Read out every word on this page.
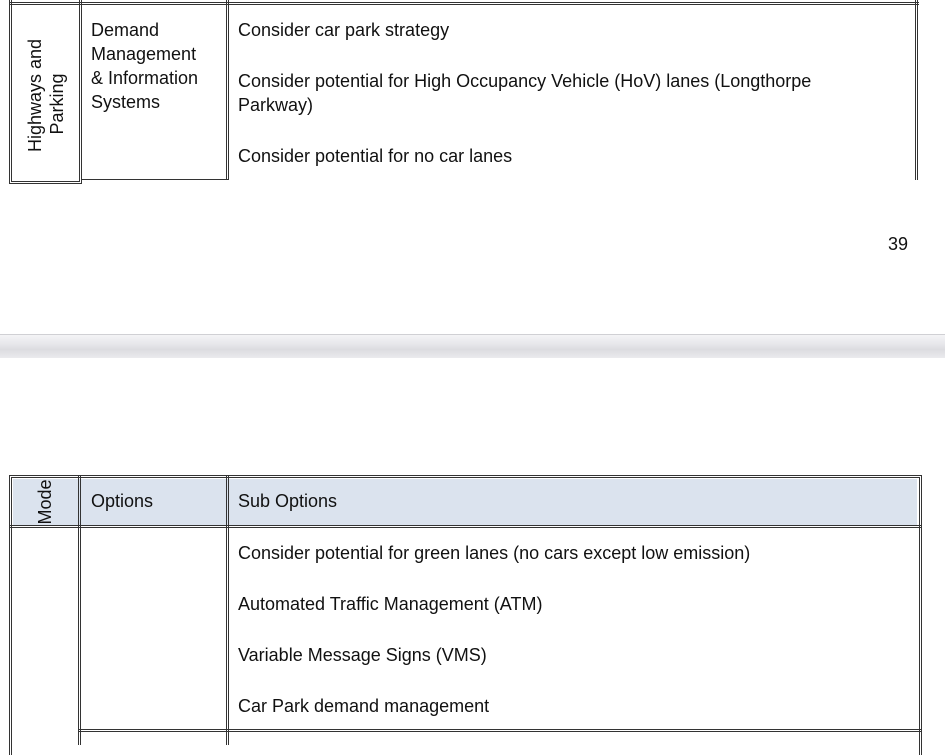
Highways and Parking
Demand
Management
& Information
Systems
Consider car park strategy
Consider potential for High Occupancy Vehicle (HoV) lanes (Longthorpe
Parkway)
Consider potential for no car lanes
39
Mode Options	Sub Options
Consider potential for green lanes (no cars except low emission)
Automated Traffic Management (ATM)
Variable Message Signs (VMS)
Car Park demand management
